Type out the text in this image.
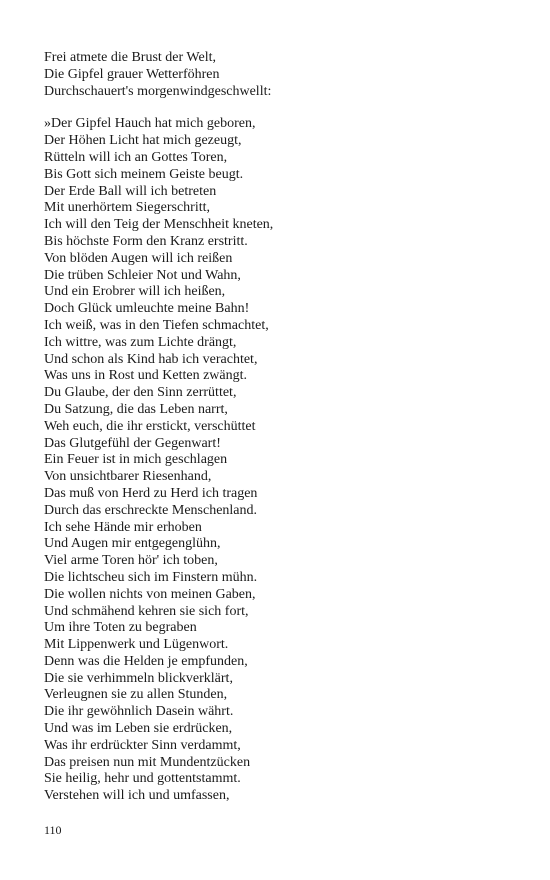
Frei atmete die Brust der Welt,
Die Gipfel grauer Wetterföhren
Durchschauert's morgenwindgeschwellt:
»Der Gipfel Hauch hat mich geboren,
Der Höhen Licht hat mich gezeugt,
Rütteln will ich an Gottes Toren,
Bis Gott sich meinem Geiste beugt.
Der Erde Ball will ich betreten
Mit unerhörtem Siegerschritt,
Ich will den Teig der Menschheit kneten,
Bis höchste Form den Kranz erstritt.
Von blöden Augen will ich reißen
Die trüben Schleier Not und Wahn,
Und ein Erobrer will ich heißen,
Doch Glück umleuchte meine Bahn!
Ich weiß, was in den Tiefen schmachtet,
Ich wittre, was zum Lichte drängt,
Und schon als Kind hab ich verachtet,
Was uns in Rost und Ketten zwängt.
Du Glaube, der den Sinn zerrüttet,
Du Satzung, die das Leben narrt,
Weh euch, die ihr erstickt, verschüttet
Das Glutgefühl der Gegenwart!
Ein Feuer ist in mich geschlagen
Von unsichtbarer Riesenhand,
Das muß von Herd zu Herd ich tragen
Durch das erschreckte Menschenland.
Ich sehe Hände mir erhoben
Und Augen mir entgegenglühn,
Viel arme Toren hör' ich toben,
Die lichtscheu sich im Finstern mühn.
Die wollen nichts von meinen Gaben,
Und schmähend kehren sie sich fort,
Um ihre Toten zu begraben
Mit Lippenwerk und Lügenwort.
Denn was die Helden je empfunden,
Die sie verhimmeln blickverklärt,
Verleugnen sie zu allen Stunden,
Die ihr gewöhnlich Dasein währt.
Und was im Leben sie erdrücken,
Was ihr erdrückter Sinn verdammt,
Das preisen nun mit Mundentzücken
Sie heilig, hehr und gottentstammt.
Verstehen will ich und umfassen,
110
